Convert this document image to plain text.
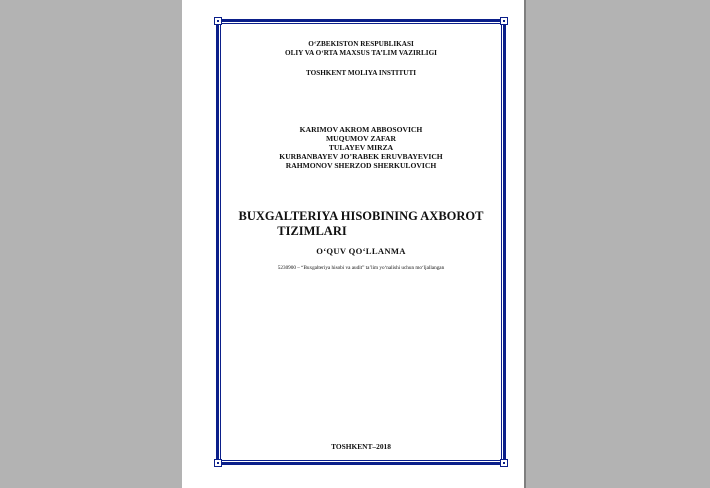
O‘ZBEKISTON RESPUBLIKASI
OLIY VA O‘RTA MAXSUS TA’LIM VAZIRLIGI
TOSHKENT MOLIYA INSTITUTI
KARIMOV AKROM ABBOSOVICH
MUQUMOV ZAFAR
TULAYEV MIRZA
KURBANBAYEV JO’RABEK ERUVBAYEVICH
RAHMONOV SHERZOD SHERKULOVICH
BUXGALTERIYA HISOBINING AXBOROT
TIZIMLARI
O‘QUV QO‘LLANMA
5230900 – “Buxgalteriya hisobi va audit” ta’lim yo‘nalishi uchun mo‘ljallangan
TOSHKENT–2018
